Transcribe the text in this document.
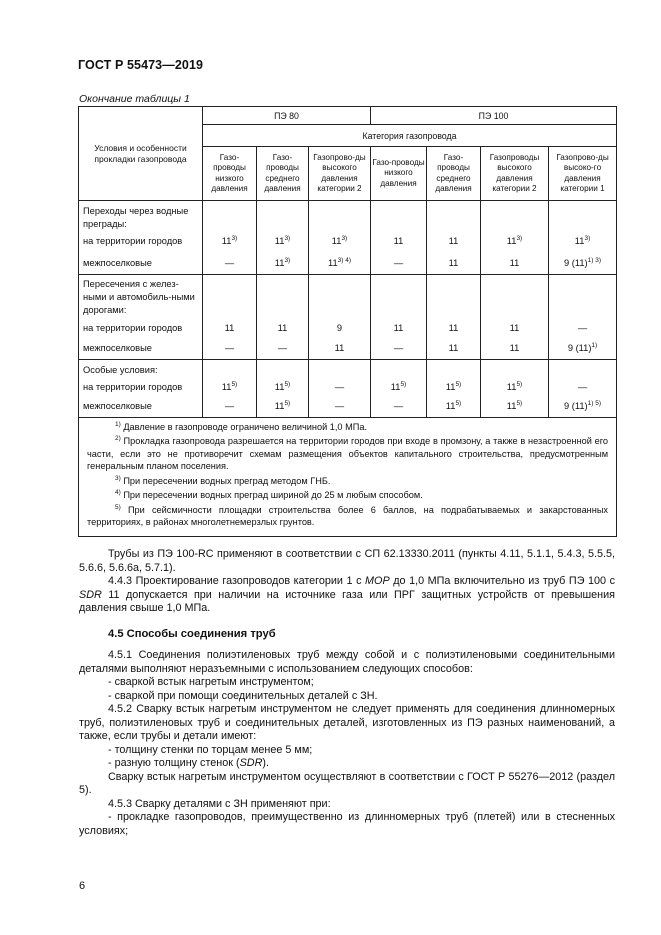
ГОСТ Р 55473—2019
Окончание таблицы 1
Условия и особенности прокладки газопровода	ПЭ 80			ПЭ 100			
	Категория газопровода						
	Газо-проводы низкого давления	Газо-проводы среднего давления	Газопрово-ды высокого давления категории 2	Газо-проводы низкого давления	Газо-проводы среднего давления	Газопроводы высокого давления категории 2	Газопрово-ды высоко-го давления категории 1
Переходы через водные преграды:							
на территории городов	11$^{3)}$	11$^{3)}$	11$^{3)}$	11	11	11$^{3)}$	11$^{3)}$
межпоселковые	—	11$^{3)}$	$11^{3) 4)}$	—	11	11	9 $(11)^{1) 3)}$
Пересечения с желез-ными и автомобиль-ными дорогами:							
на территории городов	11	11	9	11	11	11	—
межпоселковые	—	—	11	—	11	11	9 $(11)^{1)}$
Особые условия:							
на территории городов	11$^{5)}$	11$^{5)}$	—	11$^{5)}$	11$^{5)}$	11$^{5)}$	—
межпоселковые	—	11$^{5)}$	—	—	11$^{5)}$	11$^{5)}$	9 $(11)^{1) 5)}$

$^{1)}$ Давление в газопроводе ограничено величиной 1,0 МПа.

$^{2)}$ Прокладка газопровода разрешается на территории городов при входе в промзону, а также в незастроенной его части, если это не противоречит схемам размещения объектов капитального строительства, предусмотренным генеральным планом поселения.

$^{3)}$ При пересечении водных преград методом ГНБ.

$^{4)}$ При пересечении водных преград шириной до 25 м любым способом.

$^{5)}$ При сейсмичности площадки строительства более 6 баллов, на подрабатываемых и закарстованных территориях, в районах многолетнемерзлых грунтов.							

Трубы из ПЭ 100-RC применяют в соответствии с СП 62.13330.2011 (пункты 4.11, 5.1.1, 5.4.3, 5.5.5, 5.6.6, 5.6.6а, 5.7.1).

4.4.3 Проектирование газопроводов категории 1 с MOP до 1,0 МПа включительно из труб ПЭ 100 с SDR 11 допускается при наличии на источнике газа или ПРГ защитных устройств от превышения давления свыше 1,0 МПа.

4.5 Способы соединения труб

4.5.1 Соединения полиэтиленовых труб между собой и с полиэтиленовыми соединительными деталями выполняют неразъемными с использованием следующих способов:

- сваркой встык нагретым инструментом;

- сваркой при помощи соединительных деталей с ЗН.

4.5.2 Сварку встык нагретым инструментом не следует применять для соединения длинномерных труб, полиэтиленовых труб и соединительных деталей, изготовленных из ПЭ разных наименований, а также, если трубы и детали имеют:

- толщину стенки по торцам менее 5 мм;

- разную толщину стенок (SDR).

Сварку встык нагретым инструментом осуществляют в соответствии с ГОСТ Р 55276—2012 (раздел 5).

4.5.3 Сварку деталями с ЗН применяют при:

- прокладке газопроводов, преимущественно из длинномерных труб (плетей) или в стесненных условиях;

6
